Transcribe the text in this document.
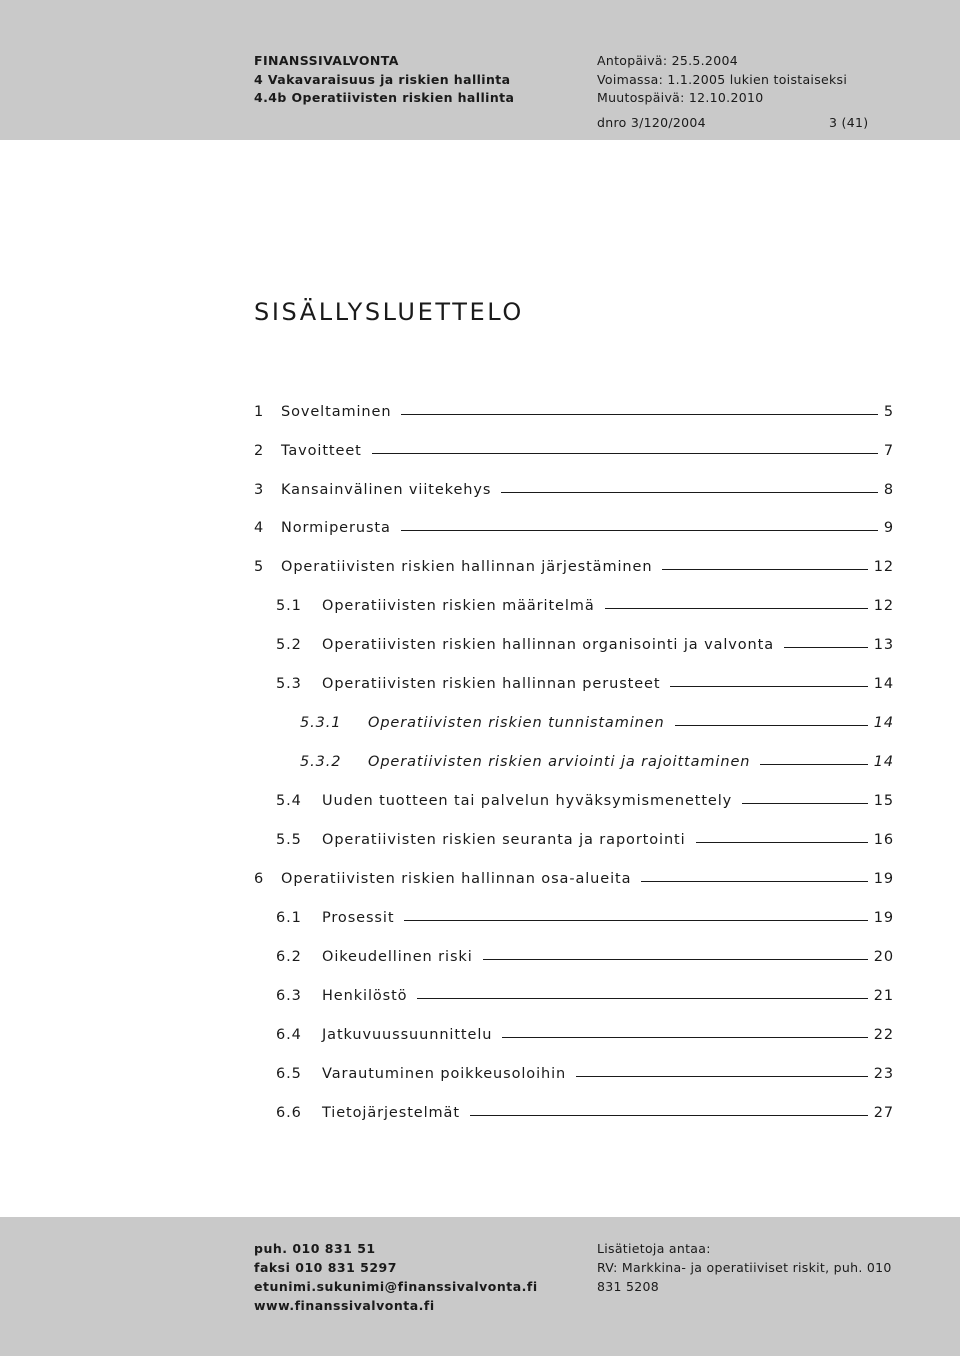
FINANSSIVALVONTA
4 Vakavaraisuus ja riskien hallinta
4.4b Operatiivisten riskien hallinta
Antopäivä: 25.5.2004
Voimassa: 1.1.2005 lukien toistaiseksi
Muutospäivä: 12.10.2010
dnro 3/120/2004	3 (41)
SISÄLLYSLUETTELO
1	Soveltaminen	5
2	Tavoitteet	7
3	Kansainvälinen viitekehys	8
4	Normiperusta	9
5	Operatiivisten riskien hallinnan järjestäminen	12
5.1	Operatiivisten riskien määritelmä	12
5.2	Operatiivisten riskien hallinnan organisointi ja valvonta	13
5.3	Operatiivisten riskien hallinnan perusteet	14
5.3.1	Operatiivisten riskien tunnistaminen	14
5.3.2	Operatiivisten riskien arviointi ja rajoittaminen	14
5.4	Uuden tuotteen tai palvelun hyväksymismenettely	15
5.5	Operatiivisten riskien seuranta ja raportointi	16
6	Operatiivisten riskien hallinnan osa-alueita	19
6.1	Prosessit	19
6.2	Oikeudellinen riski	20
6.3	Henkilöstö	21
6.4	Jatkuvuussuunnittelu	22
6.5	Varautuminen poikkeusoloihin	23
6.6	Tietojärjestelmät	27
puh. 010 831 51
faksi 010 831 5297
etunimi.sukunimi@finanssivalvonta.fi
www.finanssivalvonta.fi
Lisätietoja antaa:
RV: Markkina- ja operatiiviset riskit, puh. 010
831 5208
